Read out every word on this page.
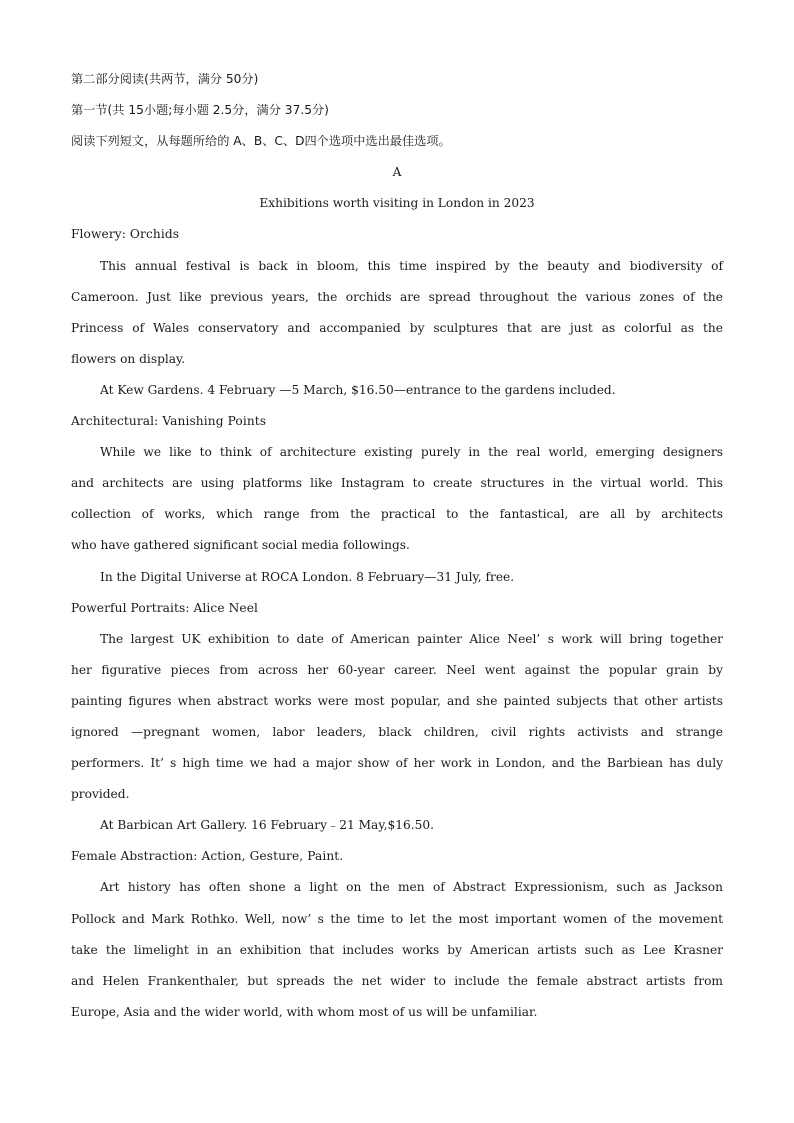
第二部分阅读(共两节，满分 50分)

第一节(共 15小题;每小题 2.5分，满分 37.5分)

阅读下列短文，从每题所给的 A、B、C、D四个选项中选出最佳选项。

A

Exhibitions worth visiting in London in 2023

Flowery: Orchids

This annual festival is back in bloom, this time inspired by the beauty and biodiversity of

Cameroon. Just like previous years, the orchids are spread throughout the various zones of the

Princess of Wales conservatory and accompanied by sculptures that are just as colorful as the

flowers on display.

At Kew Gardens. 4 February —5 March, $16.50—entrance to the gardens included.

Architectural: Vanishing Points

While we like to think of architecture existing purely in the real world, emerging designers

and architects are using platforms like Instagram to create structures in the virtual world. This

collection of works, which range from the practical to the fantastical, are all by architects

who have gathered significant social media followings.

In the Digital Universe at ROCA London. 8 February—31 July, free.

Powerful Portraits: Alice Neel

The largest UK exhibition to date of American painter Alice Neel’ s work will bring together

her figurative pieces from across her 60-year career. Neel went against the popular grain by

painting figures when abstract works were most popular, and she painted subjects that other artists

ignored —pregnant women, labor leaders, black children, civil rights activists and strange

performers. It’ s high time we had a major show of her work in London, and the Barbiean has duly

provided.

At Barbican Art Gallery. 16 February﹣21 May,$16.50.

Female Abstraction: Action, Gesture, Paint.

Art history has often shone a light on the men of Abstract Expressionism, such as Jackson

Pollock and Mark Rothko. Well, now’ s the time to let the most important women of the movement

take the limelight in an exhibition that includes works by American artists such as Lee Krasner

and Helen Frankenthaler, but spreads the net wider to include the female abstract artists from

Europe, Asia and the wider world, with whom most of us will be unfamiliar.
